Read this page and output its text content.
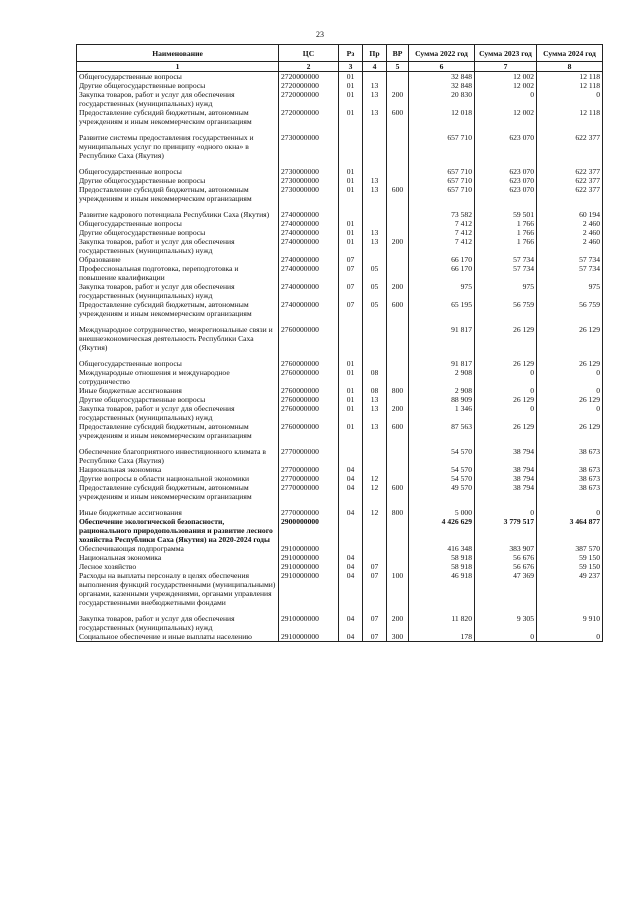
23
Наименование	ЦС	Рз	Пр	ВР	Сумма 2022 год	Сумма 2023 год	Сумма 2024 год
1	2	3	4	5	6	7	8
Общегосударственные вопросы	2720000000	01			32 848	12 002	12 118
Другие общегосударственные вопросы	2720000000	01	13		32 848	12 002	12 118
Закупка товаров, работ и услуг для обеспечения государственных (муниципальных) нужд	2720000000	01	13	200	20 830	0	0
Предоставление субсидий бюджетным, автономным учреждениям и иным некоммерческим организациям	2720000000	01	13	600	12 018	12 002	12 118

Развитие системы предоставления государственных и муниципальных услуг по принципу «одного окна» в Республике Саха (Якутия)	2730000000				657 710	623 070	622 377

Общегосударственные вопросы	2730000000	01			657 710	623 070	622 377
Другие общегосударственные вопросы	2730000000	01	13		657 710	623 070	622 377
Предоставление субсидий бюджетным, автономным учреждениям и иным некоммерческим организациям	2730000000	01	13	600	657 710	623 070	622 377

Развитие кадрового потенциала Республики Саха (Якутия)	2740000000				73 582	59 501	60 194
Общегосударственные вопросы	2740000000	01			7 412	1 766	2 460
Другие общегосударственные вопросы	2740000000	01	13		7 412	1 766	2 460
Закупка товаров, работ и услуг для обеспечения государственных (муниципальных) нужд	2740000000	01	13	200	7 412	1 766	2 460
Образование	2740000000	07			66 170	57 734	57 734
Профессиональная подготовка, переподготовка и повышение квалификации	2740000000	07	05		66 170	57 734	57 734
Закупка товаров, работ и услуг для обеспечения государственных (муниципальных) нужд	2740000000	07	05	200	975	975	975
Предоставление субсидий бюджетным, автономным учреждениям и иным некоммерческим организациям	2740000000	07	05	600	65 195	56 759	56 759

Международное сотрудничество, межрегиональные связи и внешнеэкономическая деятельность Республики Саха (Якутия)	2760000000				91 817	26 129	26 129

Общегосударственные вопросы	2760000000	01			91 817	26 129	26 129
Международные отношения и международное сотрудничество	2760000000	01	08		2 908	0	0
Иные бюджетные ассигнования	2760000000	01	08	800	2 908	0	0
Другие общегосударственные вопросы	2760000000	01	13		88 909	26 129	26 129
Закупка товаров, работ и услуг для обеспечения государственных (муниципальных) нужд	2760000000	01	13	200	1 346	0	0
Предоставление субсидий бюджетным, автономным учреждениям и иным некоммерческим организациям	2760000000	01	13	600	87 563	26 129	26 129

Обеспечение благоприятного инвестиционного климата в Республике Саха (Якутия)	2770000000				54 570	38 794	38 673
Национальная экономика	2770000000	04			54 570	38 794	38 673
Другие вопросы в области национальной экономики	2770000000	04	12		54 570	38 794	38 673
Предоставление субсидий бюджетным, автономным учреждениям и иным некоммерческим организациям	2770000000	04	12	600	49 570	38 794	38 673

Иные бюджетные ассигнования	2770000000	04	12	800	5 000	0	0
Обеспечение экологической безопасности, рационального природопользования и развитие лесного хозяйства Республики Саха (Якутия) на 2020-2024 годы	2900000000				4 426 629	3 779 517	3 464 877
Обеспечивающая подпрограмма	2910000000				416 348	383 907	387 570
Национальная экономика	2910000000	04			58 918	56 676	59 150
Лесное хозяйство	2910000000	04	07		58 918	56 676	59 150
Расходы на выплаты персоналу в целях обеспечения выполнения функций государственными (муниципальными) органами, казенными учреждениями, органами управления государственными внебюджетными фондами	2910000000	04	07	100	46 918	47 369	49 237

Закупка товаров, работ и услуг для обеспечения государственных (муниципальных) нужд	2910000000	04	07	200	11 820	9 305	9 910
Социальное обеспечение и иные выплаты населению	2910000000	04	07	300	178	0	0
